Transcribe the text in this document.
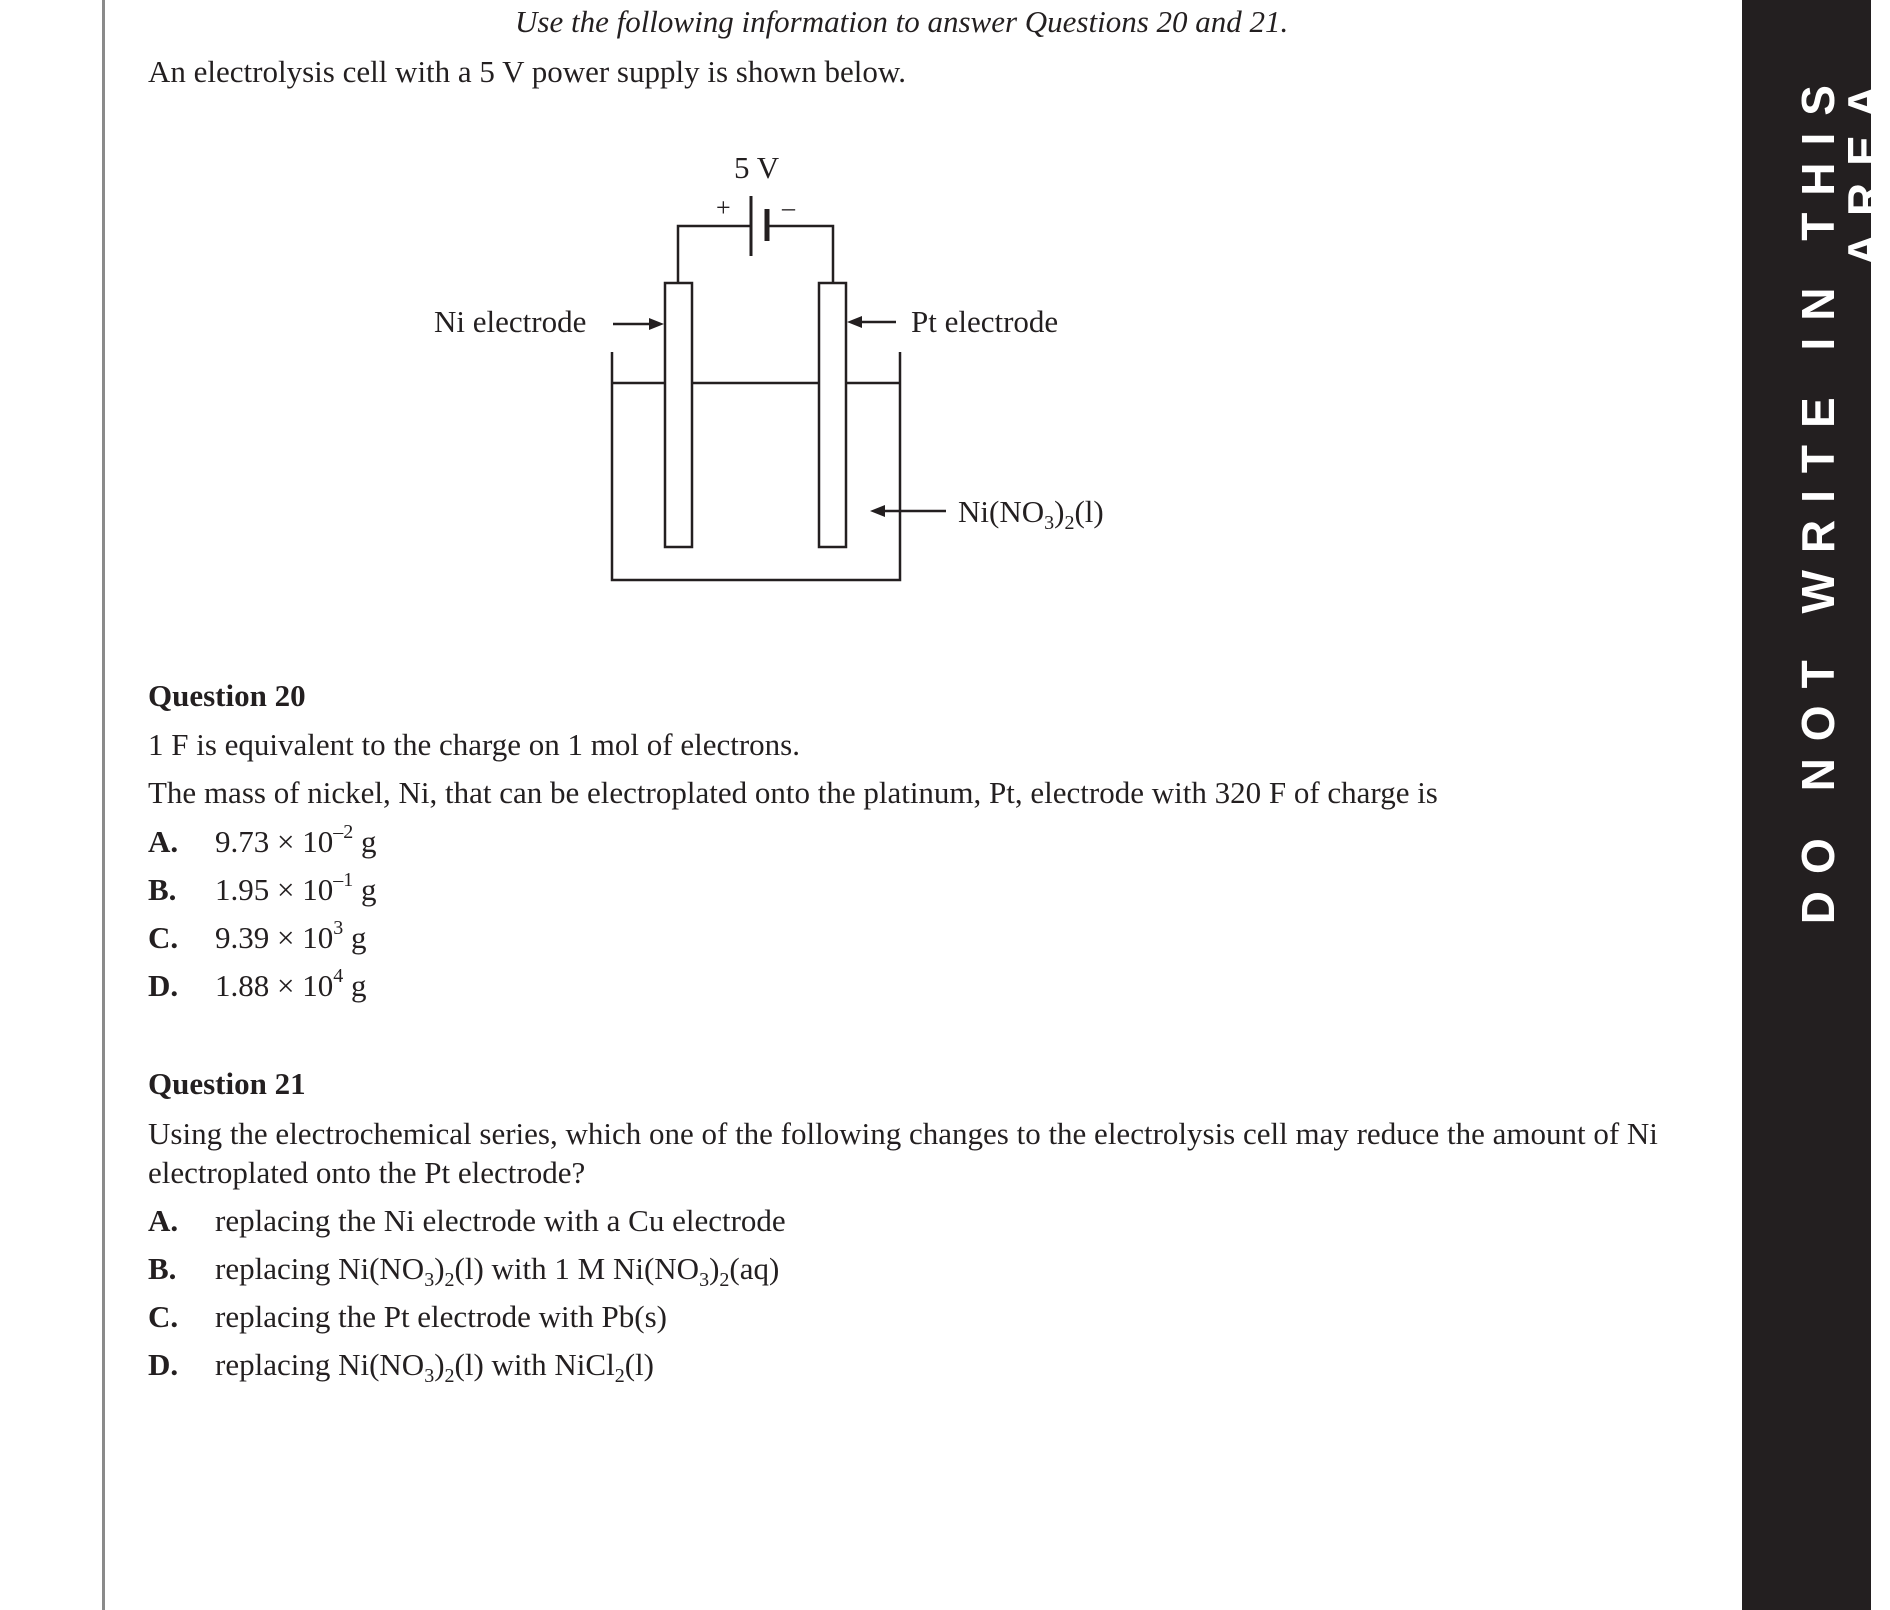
Use the following information to answer Questions 20 and 21.
An electrolysis cell with a 5 V power supply is shown below.
5 V
+ –
Ni electrode	Pt electrode
$Ni(NO_3)_2(l)$
Question 20
1 F is equivalent to the charge on 1 mol of electrons.
The mass of nickel, Ni, that can be electroplated onto the platinum, Pt, electrode with 320 F of charge is
A. $9.73 \times 10^{-2}$ g
B. $1.95 \times 10^{-1}$ g
C. $9.39 \times 10^3$ g
D. $1.88 \times 10^4$ g
Question 21
Using the electrochemical series, which one of the following changes to the electrolysis cell may reduce the amount of Ni electroplated onto the Pt electrode?
A. replacing the Ni electrode with a Cu electrode
B. replacing $Ni(NO_3)_2(l)$ with 1 M $Ni(NO_3)_2(aq)$
C. replacing the Pt electrode with Pb(s)
D. replacing $Ni(NO_3)_2(l)$ with NiCl$_2$(l)
DO NOT WRITE IN THIS AREA
